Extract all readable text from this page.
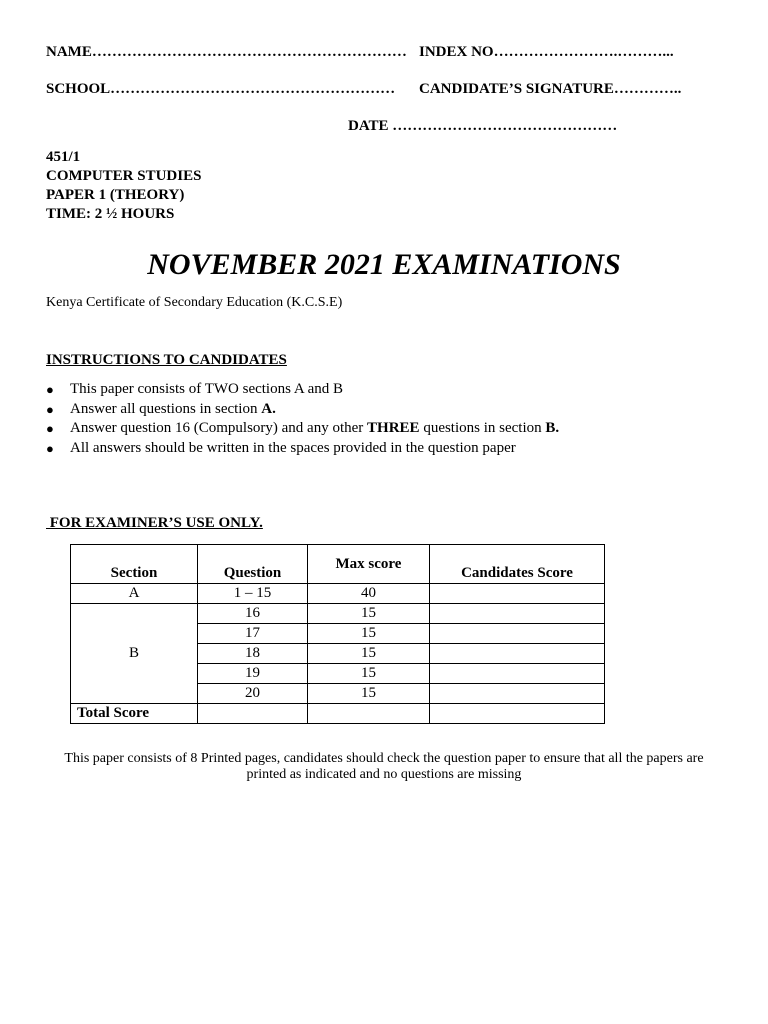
NAME……………………………………………………… INDEX NO…………………….………...
SCHOOL………………………………………………… CANDIDATE’S SIGNATURE…………..
DATE ………………………………………
451/1
COMPUTER STUDIES
PAPER 1 (THEORY)
TIME: 2 ½ HOURS
NOVEMBER 2021 EXAMINATIONS
Kenya Certificate of Secondary Education (K.C.S.E)
INSTRUCTIONS TO CANDIDATES
● This paper consists of TWO sections A and B
● Answer all questions in section A.
● Answer question 16 (Compulsory) and any other THREE questions in section B.
● All answers should be written in the spaces provided in the question paper
FOR EXAMINER’S USE ONLY.
Section	Question	Max score	Candidates Score
A	1 – 15	40	
B	16	15	
	17	15	
	18	15	
	19	15	
	20	15	
Total Score			
This paper consists of 8 Printed pages, candidates should check the question paper to ensure that all the papers are printed as indicated and no questions are missing
